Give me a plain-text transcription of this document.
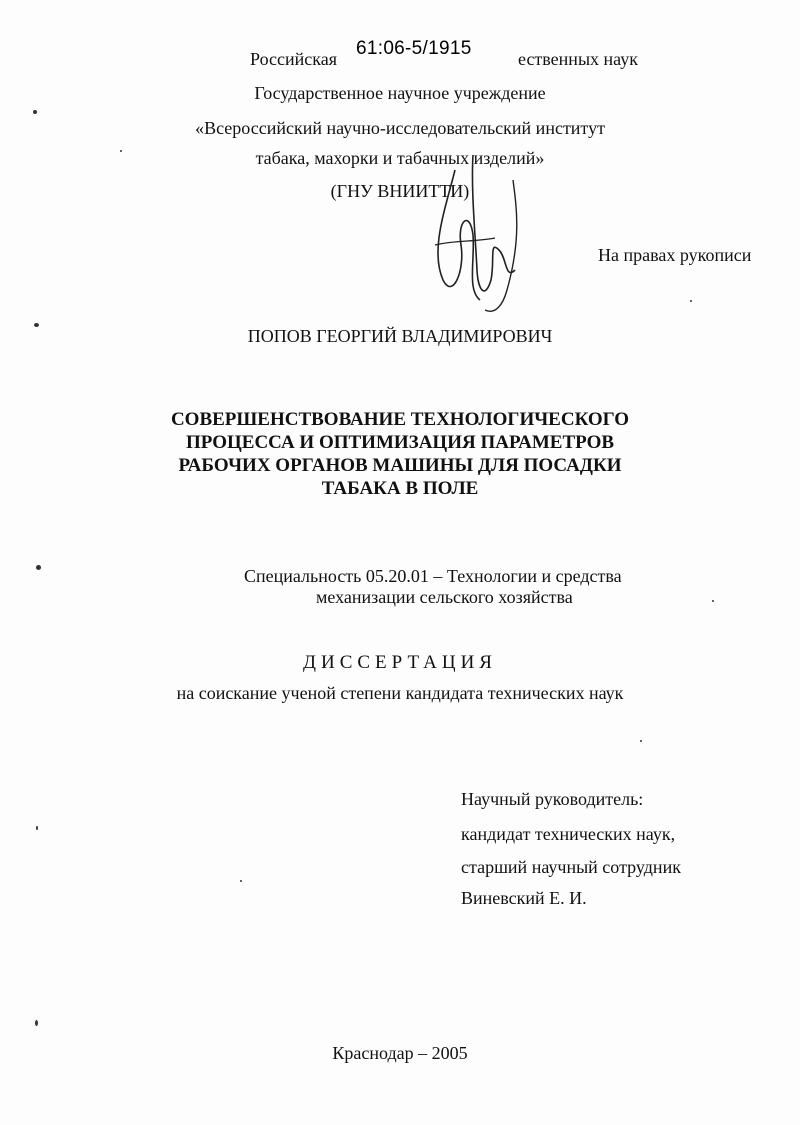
Российская	ественных наук
61:06-5/1915
Государственное научное учреждение
«Всероссийский научно-исследовательский институт
табака, махорки и табачных изделий»
(ГНУ ВНИИТТИ)
На правах рукописи
ПОПОВ ГЕОРГИЙ ВЛАДИМИРОВИЧ
СОВЕРШЕНСТВОВАНИЕ ТЕХНОЛОГИЧЕСКОГО
ПРОЦЕССА И ОПТИМИЗАЦИЯ ПАРАМЕТРОВ
РАБОЧИХ ОРГАНОВ МАШИНЫ ДЛЯ ПОСАДКИ
ТАБАКА В ПОЛЕ
Специальность 05.20.01 – Технологии и средства
механизации сельского хозяйства
ДИССЕРТАЦИЯ
на соискание ученой степени кандидата технических наук
Научный руководитель:
кандидат технических наук,
старший научный сотрудник
Виневский Е. И.
Краснодар – 2005
